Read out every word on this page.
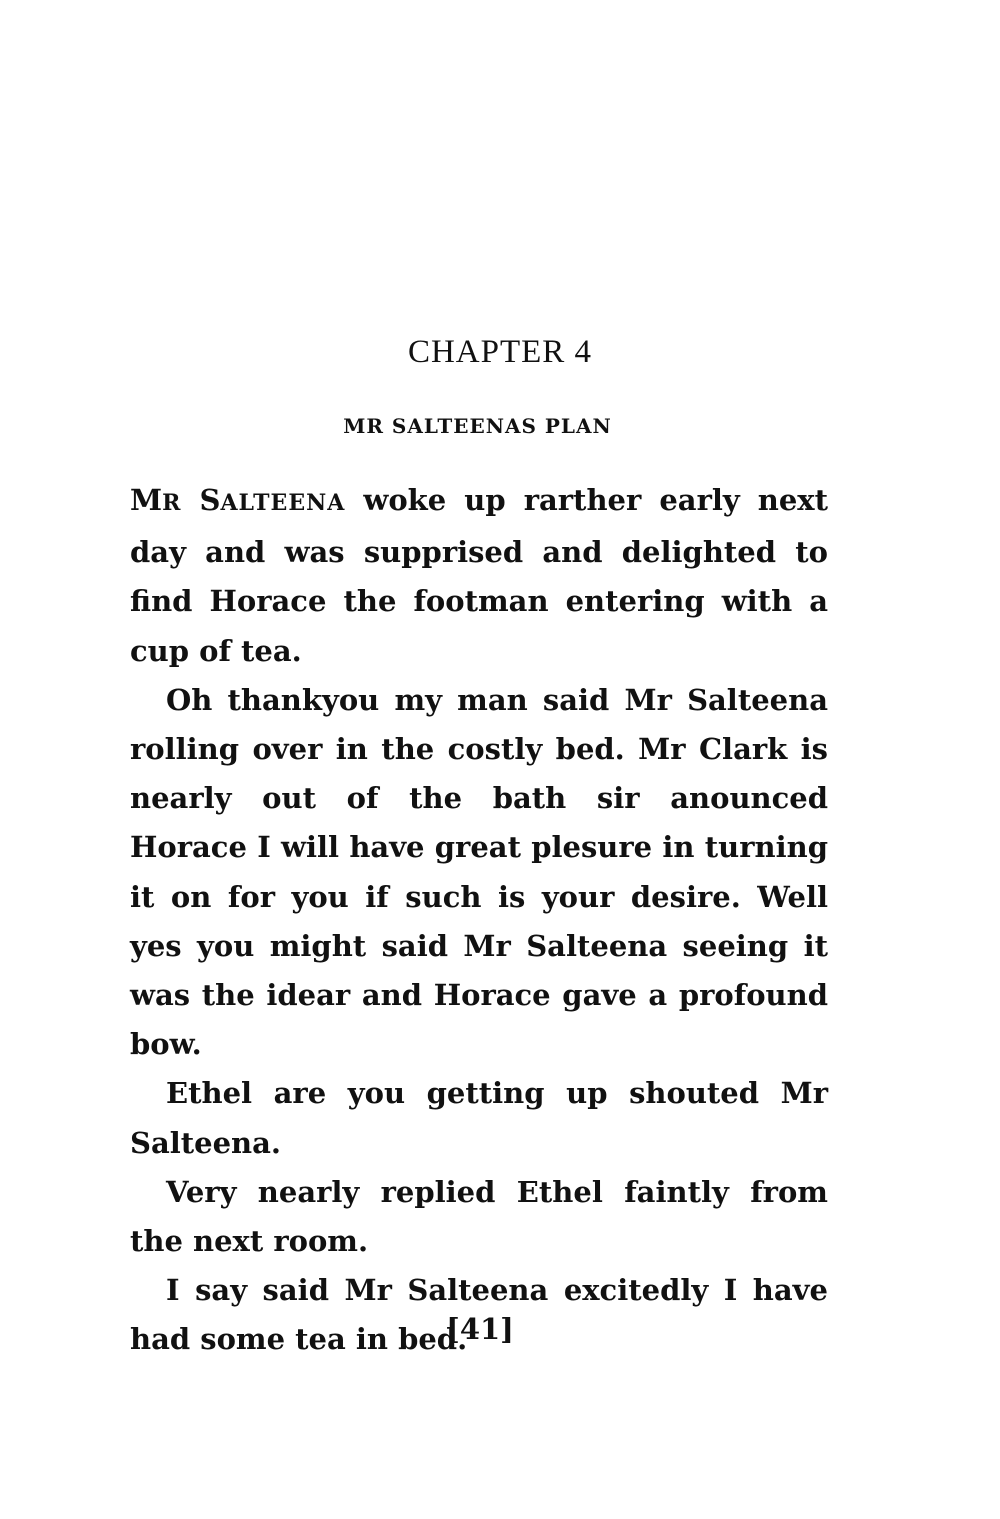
CHAPTER 4
MR SALTEENAS PLAN

MR SALTEENA woke up rarther early next day and was supprised and delighted to find Horace the footman entering with a cup of tea.

Oh thankyou my man said Mr Salteena rolling over in the costly bed. Mr Clark is nearly out of the bath sir anounced Horace I will have great plesure in turning it on for you if such is your desire. Well yes you might said Mr Salteena seeing it was the idear and Horace gave a profound bow.

Ethel are you getting up shouted Mr Salteena.

Very nearly replied Ethel faintly from the next room.

I say said Mr Salteena excitedly I have had some tea in bed.

[41]
